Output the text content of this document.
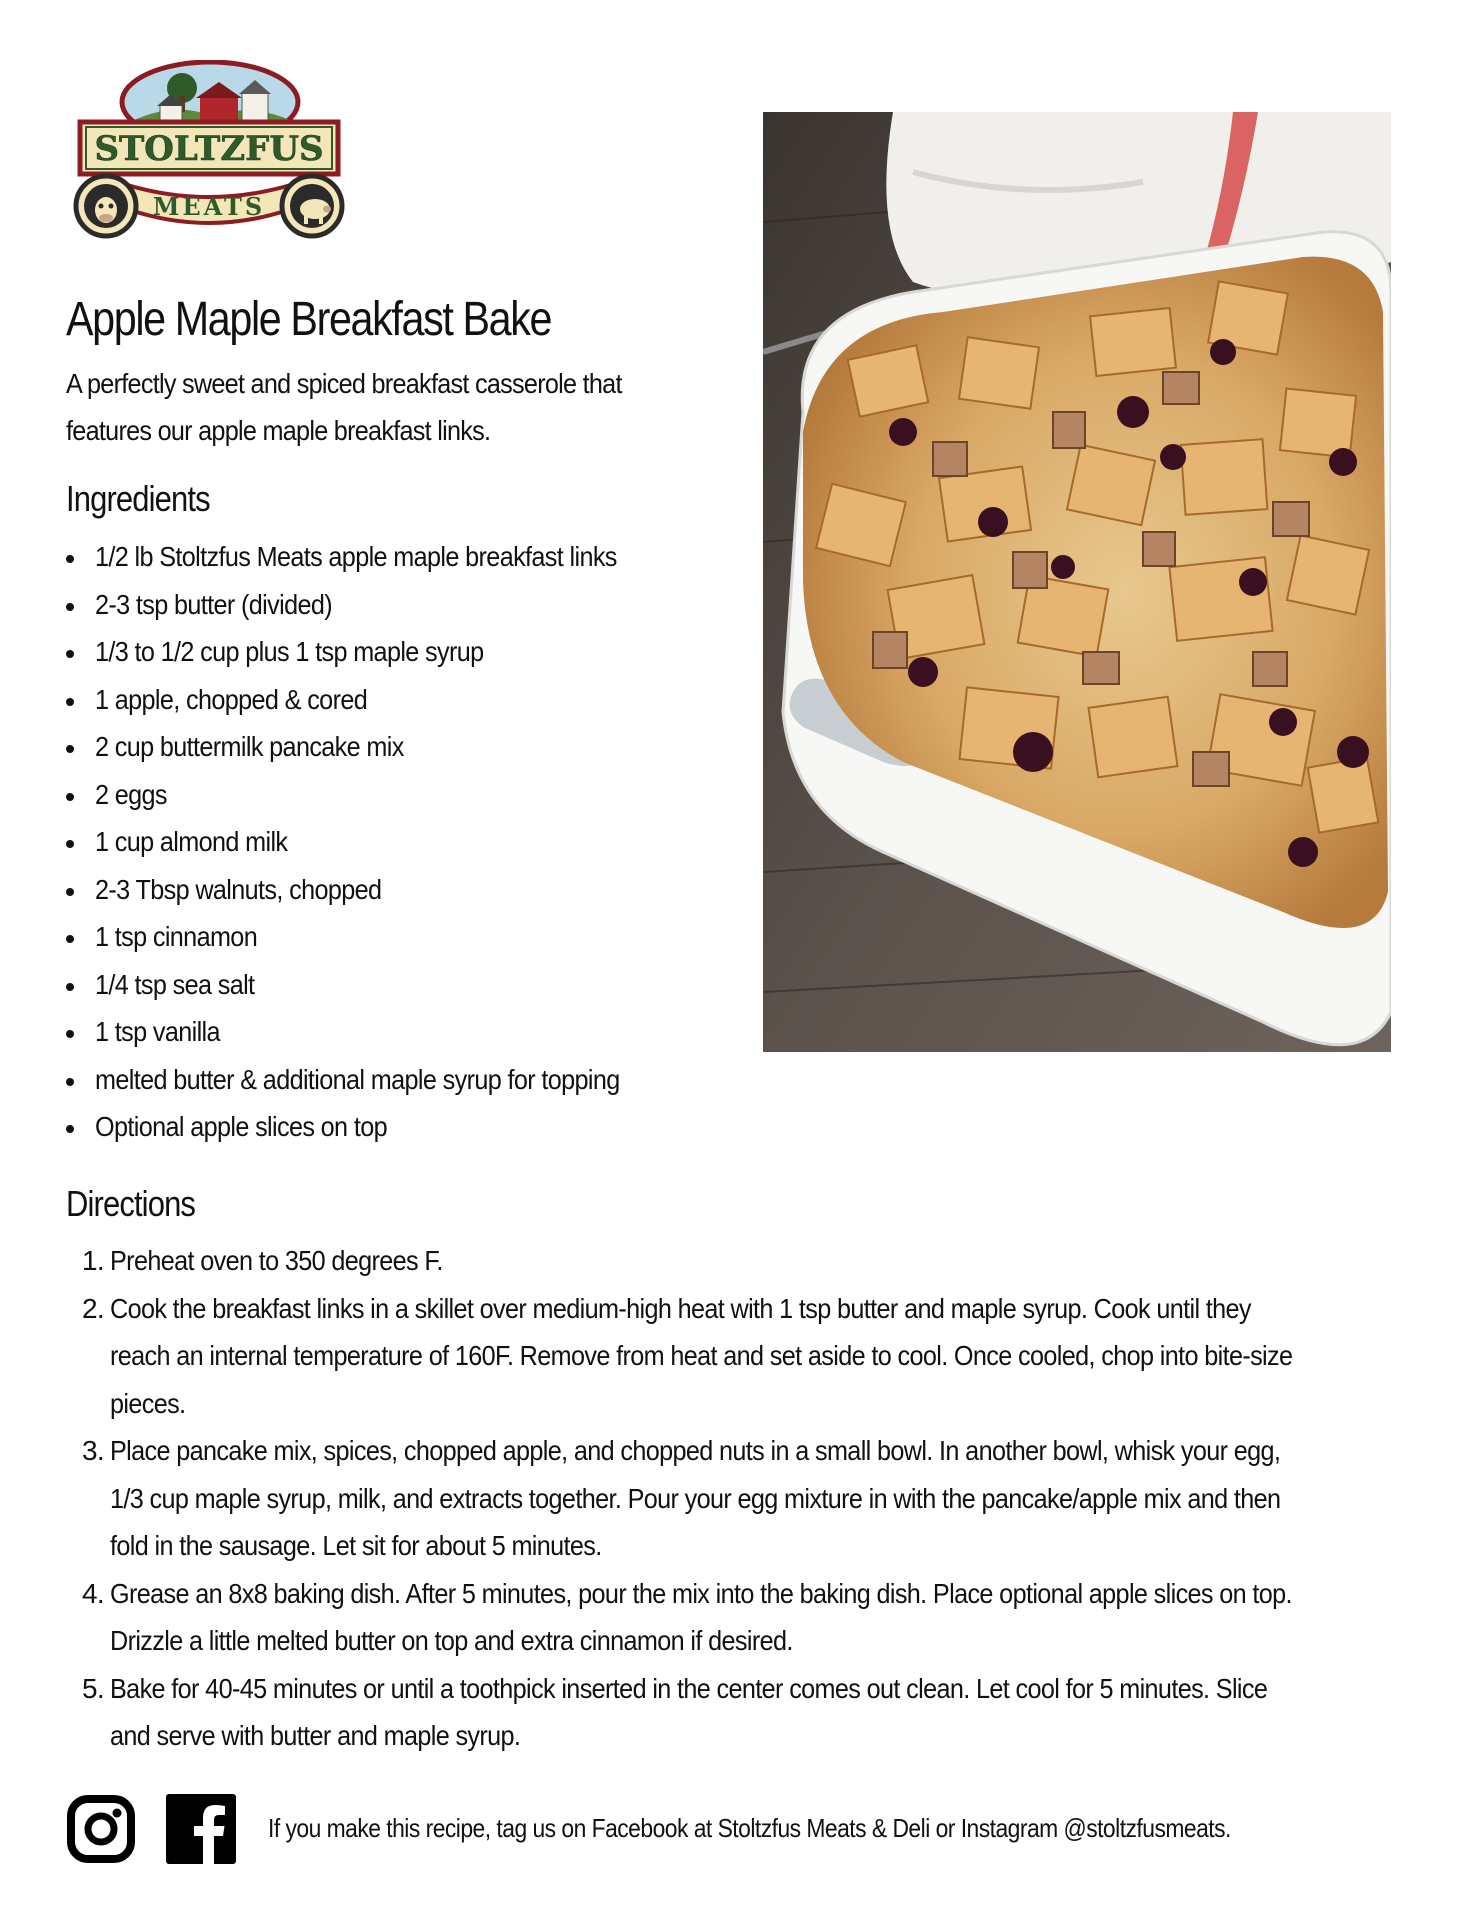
STOLTZFUS
MEATS
Apple Maple Breakfast Bake

A perfectly sweet and spiced breakfast casserole that features our apple maple breakfast links.

Ingredients
1/2 lb Stoltzfus Meats apple maple breakfast links
2-3 tsp butter (divided)
1/3 to 1/2 cup plus 1 tsp maple syrup
1 apple, chopped & cored
2 cup buttermilk pancake mix
2 eggs
1 cup almond milk
2-3 Tbsp walnuts, chopped
1 tsp cinnamon
1/4 tsp sea salt
1 tsp vanilla
melted butter & additional maple syrup for topping
Optional apple slices on top
Directions
1. Preheat oven to 350 degrees F.
2. Cook the breakfast links in a skillet over medium-high heat with 1 tsp butter and maple syrup. Cook until they reach an internal temperature of 160F. Remove from heat and set aside to cool. Once cooled, chop into bite-size pieces.
3. Place pancake mix, spices, chopped apple, and chopped nuts in a small bowl. In another bowl, whisk your egg, 1/3 cup maple syrup, milk, and extracts together. Pour your egg mixture in with the pancake/apple mix and then fold in the sausage. Let sit for about 5 minutes.
4. Grease an 8x8 baking dish. After 5 minutes, pour the mix into the baking dish. Place optional apple slices on top. Drizzle a little melted butter on top and extra cinnamon if desired.
5. Bake for 40-45 minutes or until a toothpick inserted in the center comes out clean. Let cool for 5 minutes. Slice and serve with butter and maple syrup.
If you make this recipe, tag us on Facebook at Stoltzfus Meats & Deli or Instagram @stoltzfusmeats.
